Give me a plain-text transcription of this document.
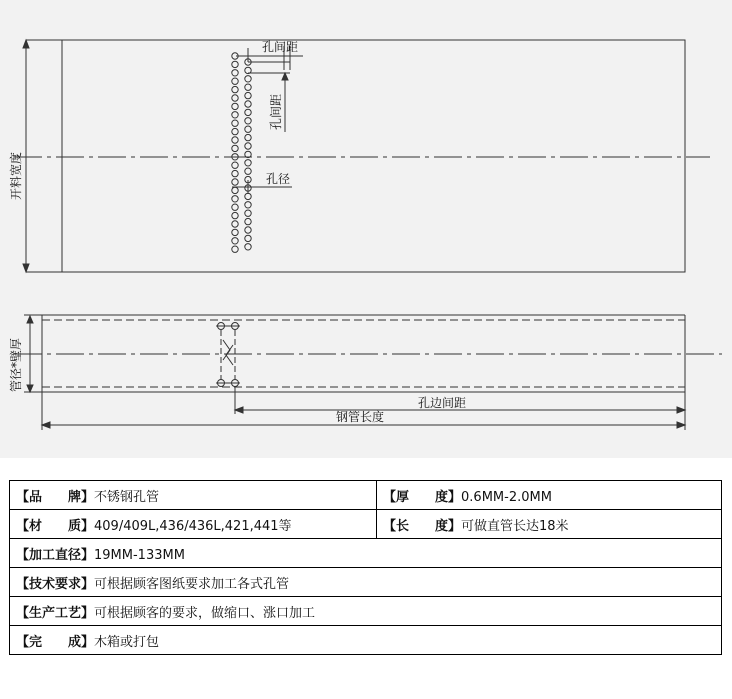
孔间距
孔间距
孔径
开料宽度
管径*壁厚
孔边间距
钢管长度
【品　　牌】不锈钢孔管	【厚　　度】0.6MM-2.0MM
【材　　质】409/409L,436/436L,421,441等	【长　　度】可做直管长达18米
【加工直径】19MM-133MM	
【技术要求】可根据顾客图纸要求加工各式孔管	
【生产工艺】可根据顾客的要求，做缩口、涨口加工	
【完　　成】木箱或打包	
